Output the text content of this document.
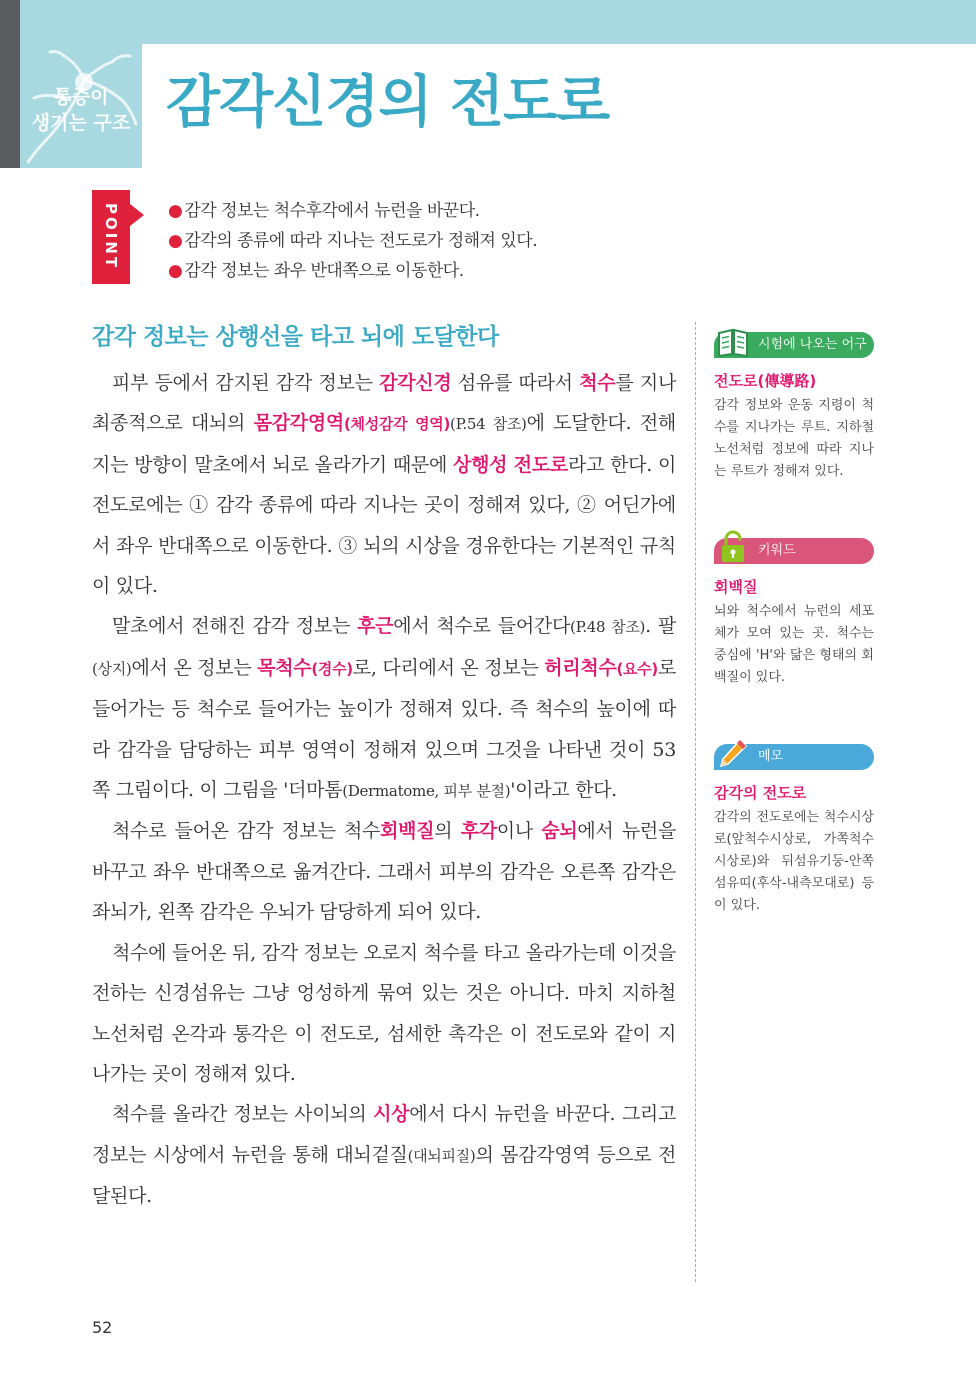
통증이
생기는 구조 감각신경의 전도로
POINT	● 감각 정보는 척수후각에서 뉴런을 바꾼다.
● 감각의 종류에 따라 지나는 전도로가 정해져 있다.
● 감각 정보는 좌우 반대쪽으로 이동한다.
감각 정보는 상행선을 타고 뇌에 도달한다

피부 등에서 감지된 감각 정보는 감각신경 섬유를 따라서 척수를 지나 최종적으로 대뇌의 몸감각영역(체성감각 영역)(P.54 참조)에 도달한다. 전해지는 방향이 말초에서 뇌로 올라가기 때문에 상행성 전도로라고 한다. 이 전도로에는 ① 감각 종류에 따라 지나는 곳이 정해져 있다, ② 어딘가에서 좌우 반대쪽으로 이동한다. ③ 뇌의 시상을 경유한다는 기본적인 규칙이 있다.

말초에서 전해진 감각 정보는 후근에서 척수로 들어간다(P.48 참조). 팔(상지)에서 온 정보는 목척수(경수)로, 다리에서 온 정보는 허리척수(요수)로 들어가는 등 척수로 들어가는 높이가 정해져 있다. 즉 척수의 높이에 따라 감각을 담당하는 피부 영역이 정해져 있으며 그것을 나타낸 것이 53쪽 그림이다. 이 그림을 '더마톰(Dermatome, 피부 분절)'이라고 한다.

척수로 들어온 감각 정보는 척수회백질의 후각이나 숨뇌에서 뉴런을 바꾸고 좌우 반대쪽으로 옮겨간다. 그래서 피부의 감각은 오른쪽 감각은 좌뇌가, 왼쪽 감각은 우뇌가 담당하게 되어 있다.

척수에 들어온 뒤, 감각 정보는 오로지 척수를 타고 올라가는데 이것을 전하는 신경섬유는 그냥 엉성하게 묶여 있는 것은 아니다. 마치 지하철 노선처럼 온각과 통각은 이 전도로, 섬세한 촉각은 이 전도로와 같이 지나가는 곳이 정해져 있다.

척수를 올라간 정보는 사이뇌의 시상에서 다시 뉴런을 바꾼다. 그리고 정보는 시상에서 뉴런을 통해 대뇌겉질(대뇌피질)의 몸감각영역 등으로 전달된다.

시험에 나오는 어구
전도로(傳導路)

감각 정보와 운동 지령이 척수를 지나가는 루트. 지하철 노선처럼 정보에 따라 지나는 루트가 정해져 있다.

키워드
회백질

뇌와 척수에서 뉴런의 세포체가 모여 있는 곳. 척수는 중심에 'H'와 닮은 형태의 회백질이 있다.

메모
감각의 전도로

감각의 전도로에는 척수시상로(앞척수시상로, 가쪽척수시상로)와 뒤섬유기둥-안쪽섬유띠(후삭-내측모대로) 등이 있다.

52
